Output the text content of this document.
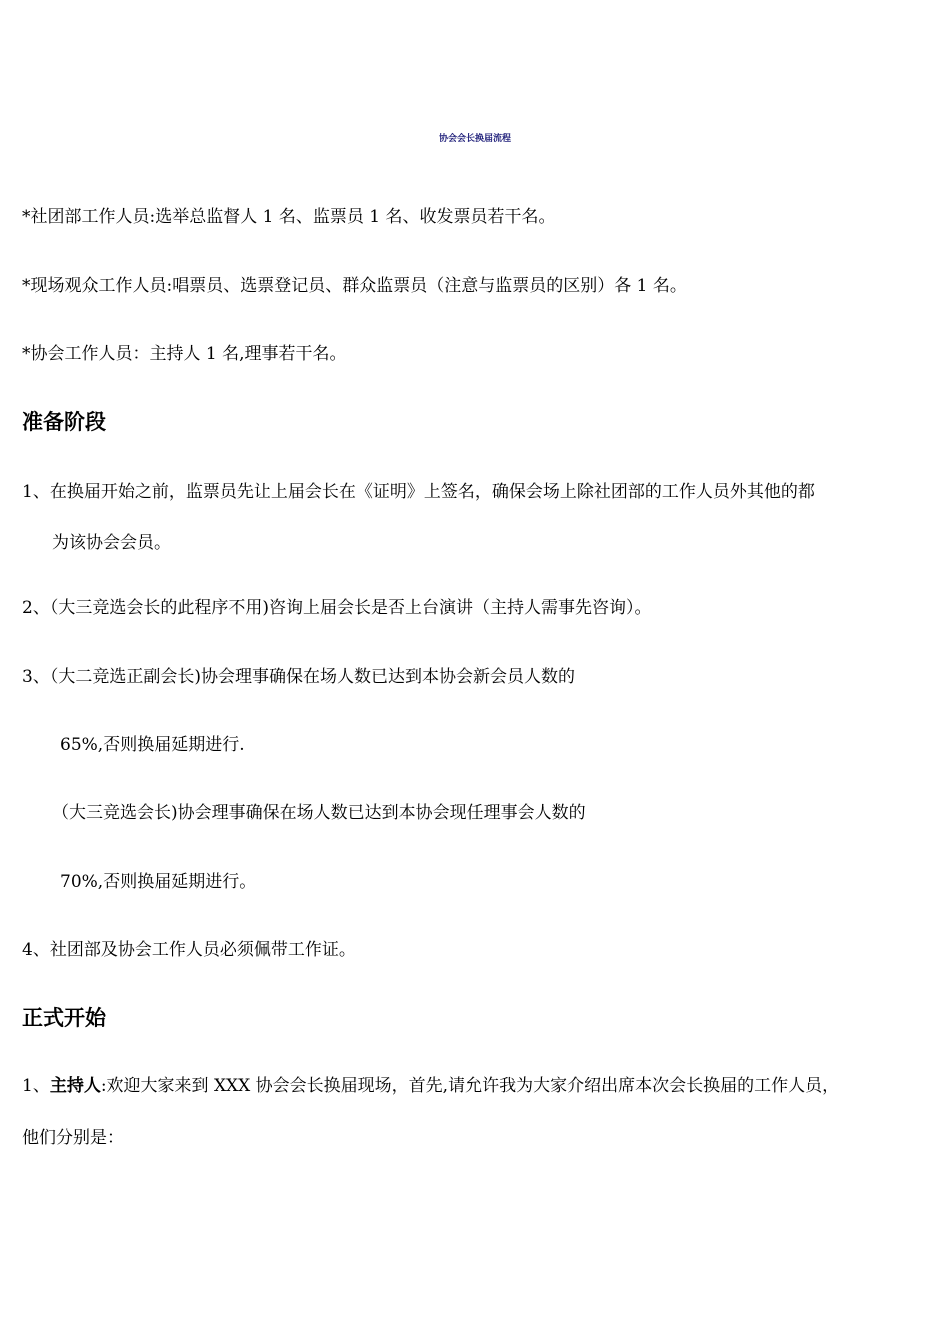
协会会长换届流程
*社团部工作人员:选举总监督人 1 名、监票员 1 名、收发票员若干名。
*现场观众工作人员:唱票员、选票登记员、群众监票员（注意与监票员的区别）各 1 名。
*协会工作人员：主持人 1 名,理事若干名。
准备阶段
1、在换届开始之前，监票员先让上届会长在《证明》上签名，确保会场上除社团部的工作人员外其他的都
为该协会会员。
2、（大三竞选会长的此程序不用)咨询上届会长是否上台演讲（主持人需事先咨询）。
3、（大二竞选正副会长)协会理事确保在场人数已达到本协会新会员人数的
65%,否则换届延期进行.
（大三竞选会长)协会理事确保在场人数已达到本协会现任理事会人数的
70%,否则换届延期进行。
4、社团部及协会工作人员必须佩带工作证。
正式开始
1、主持人:欢迎大家来到 XXX 协会会长换届现场，首先,请允许我为大家介绍出席本次会长换届的工作人员，
他们分别是：
